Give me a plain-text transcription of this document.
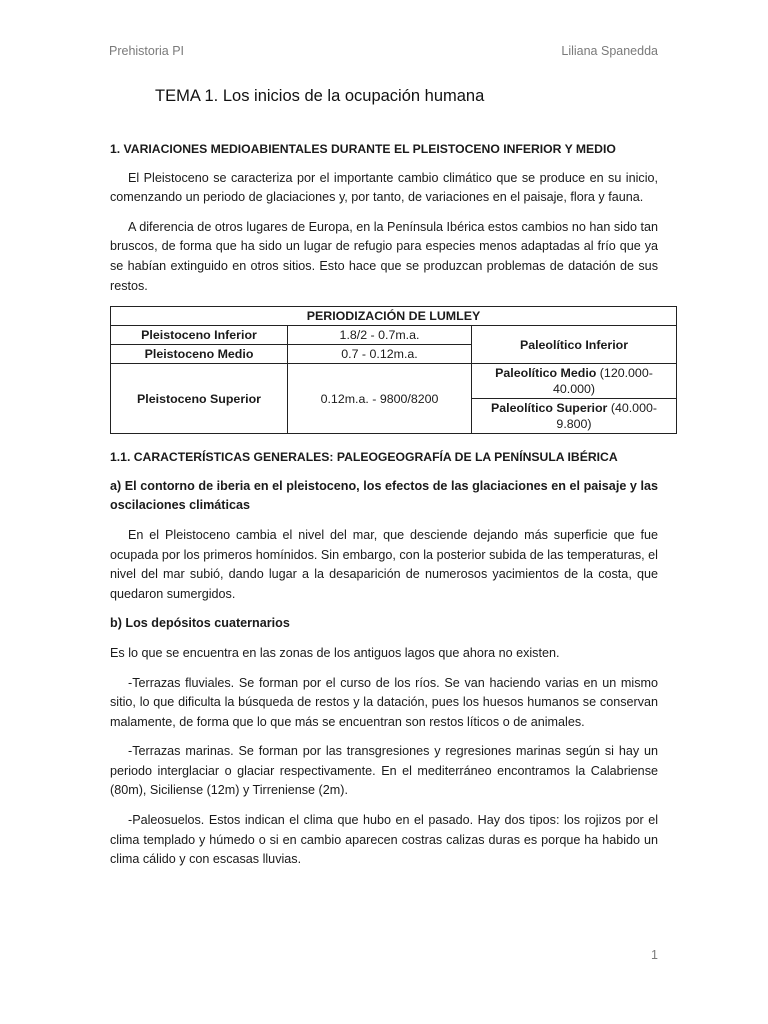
Prehistoria PI	Liliana Spanedda
TEMA 1. Los inicios de la ocupación humana
1. VARIACIONES MEDIOABIENTALES DURANTE EL PLEISTOCENO INFERIOR Y MEDIO
El Pleistoceno se caracteriza por el importante cambio climático que se produce en su inicio, comenzando un periodo de glaciaciones y, por tanto, de variaciones en el paisaje, flora y fauna.
A diferencia de otros lugares de Europa, en la Península Ibérica estos cambios no han sido tan bruscos, de forma que ha sido un lugar de refugio para especies menos adaptadas al frío que ya se habían extinguido en otros sitios. Esto hace que se produzcan problemas de datación de sus restos.
PERIODIZACIÓN DE LUMLEY		
Pleistoceno Inferior	1.8/2 - 0.7m.a.	Paleolítico Inferior
Pleistoceno Medio	0.7 - 0.12m.a.	
Pleistoceno Superior	0.12m.a. - 9800/8200	Paleolítico Medio (120.000-40.000)
		Paleolítico Superior (40.000-9.800)
1.1. CARACTERÍSTICAS GENERALES: PALEOGEOGRAFÍA DE LA PENÍNSULA IBÉRICA
a) El contorno de iberia en el pleistoceno, los efectos de las glaciaciones en el paisaje y las oscilaciones climáticas
En el Pleistoceno cambia el nivel del mar, que desciende dejando más superficie que fue ocupada por los primeros homínidos. Sin embargo, con la posterior subida de las temperaturas, el nivel del mar subió, dando lugar a la desaparición de numerosos yacimientos de la costa, que quedaron sumergidos.
b) Los depósitos cuaternarios
Es lo que se encuentra en las zonas de los antiguos lagos que ahora no existen.
-Terrazas fluviales. Se forman por el curso de los ríos. Se van haciendo varias en un mismo sitio, lo que dificulta la búsqueda de restos y la datación, pues los huesos humanos se conservan malamente, de forma que lo que más se encuentran son restos líticos o de animales.
-Terrazas marinas. Se forman por las transgresiones y regresiones marinas según si hay un periodo interglaciar o glaciar respectivamente. En el mediterráneo encontramos la Calabriense (80m), Siciliense (12m) y Tirreniense (2m).
-Paleosuelos. Estos indican el clima que hubo en el pasado. Hay dos tipos: los rojizos por el clima templado y húmedo o si en cambio aparecen costras calizas duras es porque ha habido un clima cálido y con escasas lluvias.
1
